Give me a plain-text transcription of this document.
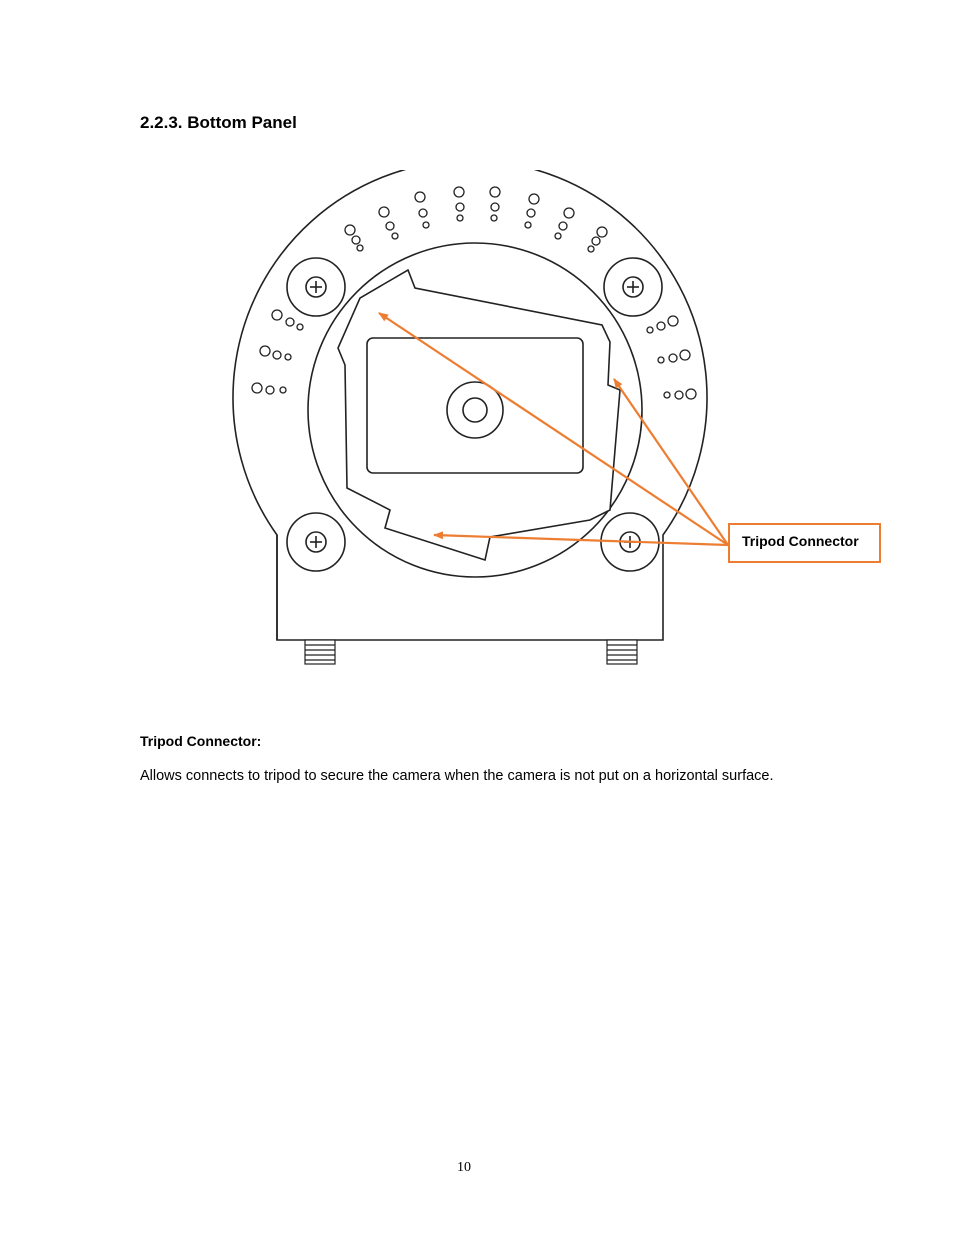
2.2.3. Bottom Panel
Tripod Connector

Tripod Connector:

Allows connects to tripod to secure the camera when the camera is not put on a horizontal surface.

10
